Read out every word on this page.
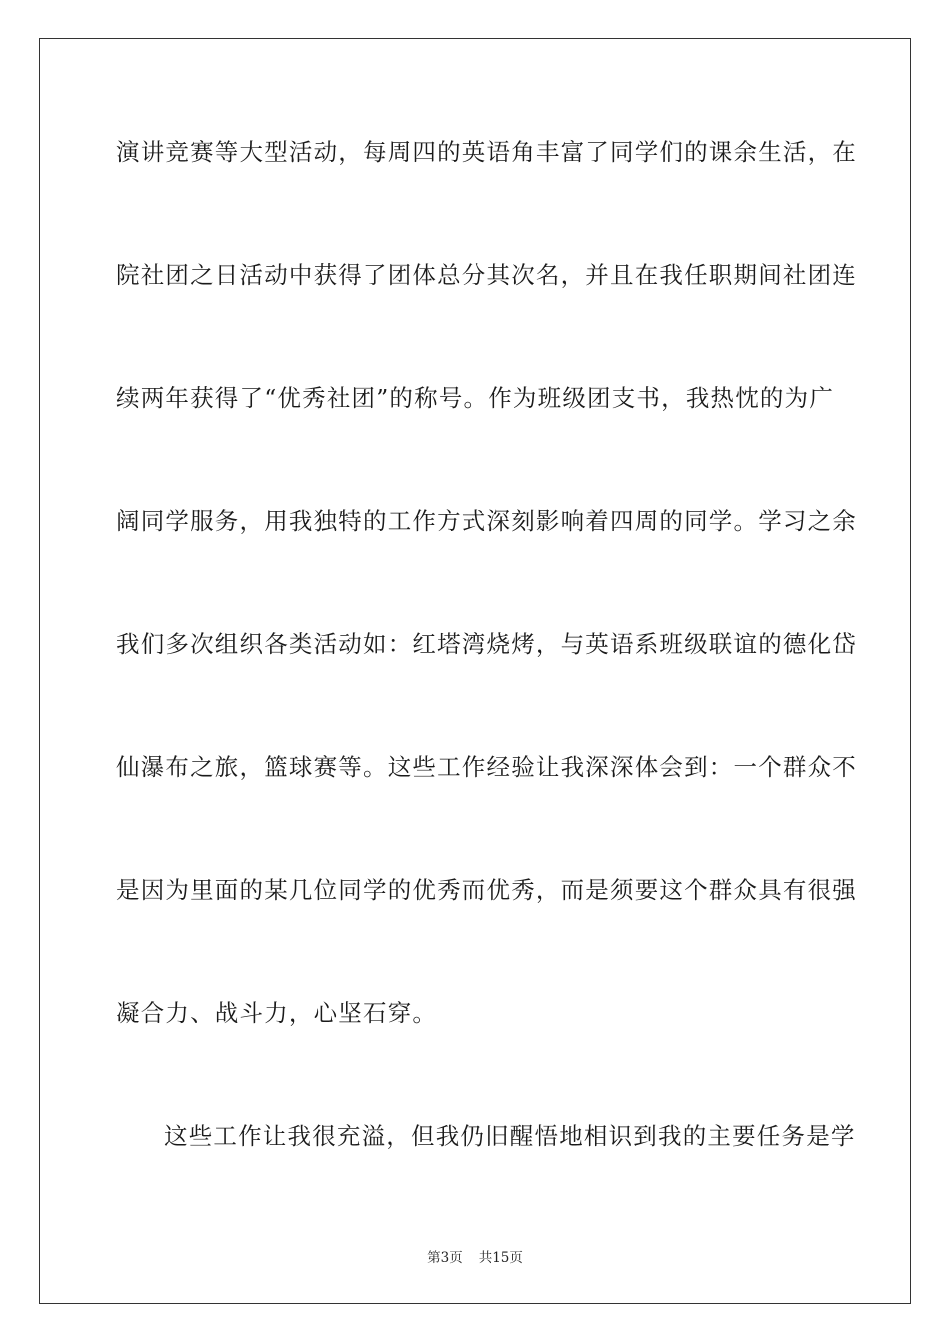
演讲竞赛等大型活动，每周四的英语角丰富了同学们的课余生活，在
院社团之日活动中获得了团体总分其次名，并且在我任职期间社团连
续两年获得了“优秀社团”的称号。作为班级团支书，我热忱的为广
阔同学服务，用我独特的工作方式深刻影响着四周的同学。学习之余
我们多次组织各类活动如：红塔湾烧烤，与英语系班级联谊的德化岱
仙瀑布之旅，篮球赛等。这些工作经验让我深深体会到：一个群众不
是因为里面的某几位同学的优秀而优秀，而是须要这个群众具有很强
凝合力、战斗力，心坚石穿。
这些工作让我很充溢，但我仍旧醒悟地相识到我的主要任务是学
第3页 共15页
